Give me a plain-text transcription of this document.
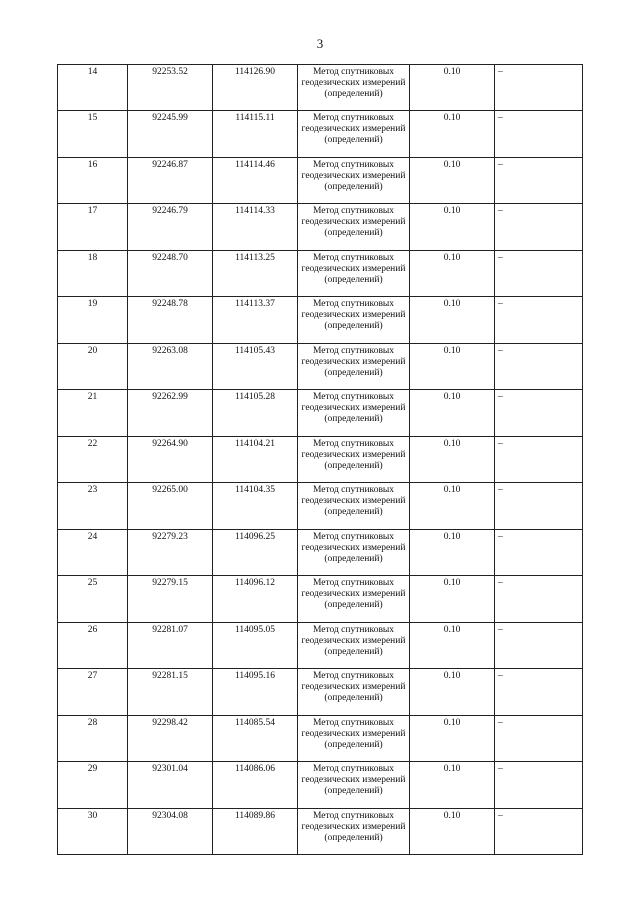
3
14	92253.52	114126.90	Метод спутниковых геодезических измерений (определений)	0.10	–
15	92245.99	114115.11	Метод спутниковых геодезических измерений (определений)	0.10	–
16	92246.87	114114.46	Метод спутниковых геодезических измерений (определений)	0.10	–
17	92246.79	114114.33	Метод спутниковых геодезических измерений (определений)	0.10	–
18	92248.70	114113.25	Метод спутниковых геодезических измерений (определений)	0.10	–
19	92248.78	114113.37	Метод спутниковых геодезических измерений (определений)	0.10	–
20	92263.08	114105.43	Метод спутниковых геодезических измерений (определений)	0.10	–
21	92262.99	114105.28	Метод спутниковых геодезических измерений (определений)	0.10	–
22	92264.90	114104.21	Метод спутниковых геодезических измерений (определений)	0.10	–
23	92265.00	114104.35	Метод спутниковых геодезических измерений (определений)	0.10	–
24	92279.23	114096.25	Метод спутниковых геодезических измерений (определений)	0.10	–
25	92279.15	114096.12	Метод спутниковых геодезических измерений (определений)	0.10	–
26	92281.07	114095.05	Метод спутниковых геодезических измерений (определений)	0.10	–
27	92281.15	114095.16	Метод спутниковых геодезических измерений (определений)	0.10	–
28	92298.42	114085.54	Метод спутниковых геодезических измерений (определений)	0.10	–
29	92301.04	114086.06	Метод спутниковых геодезических измерений (определений)	0.10	–
30	92304.08	114089.86	Метод спутниковых геодезических измерений (определений)	0.10	–
